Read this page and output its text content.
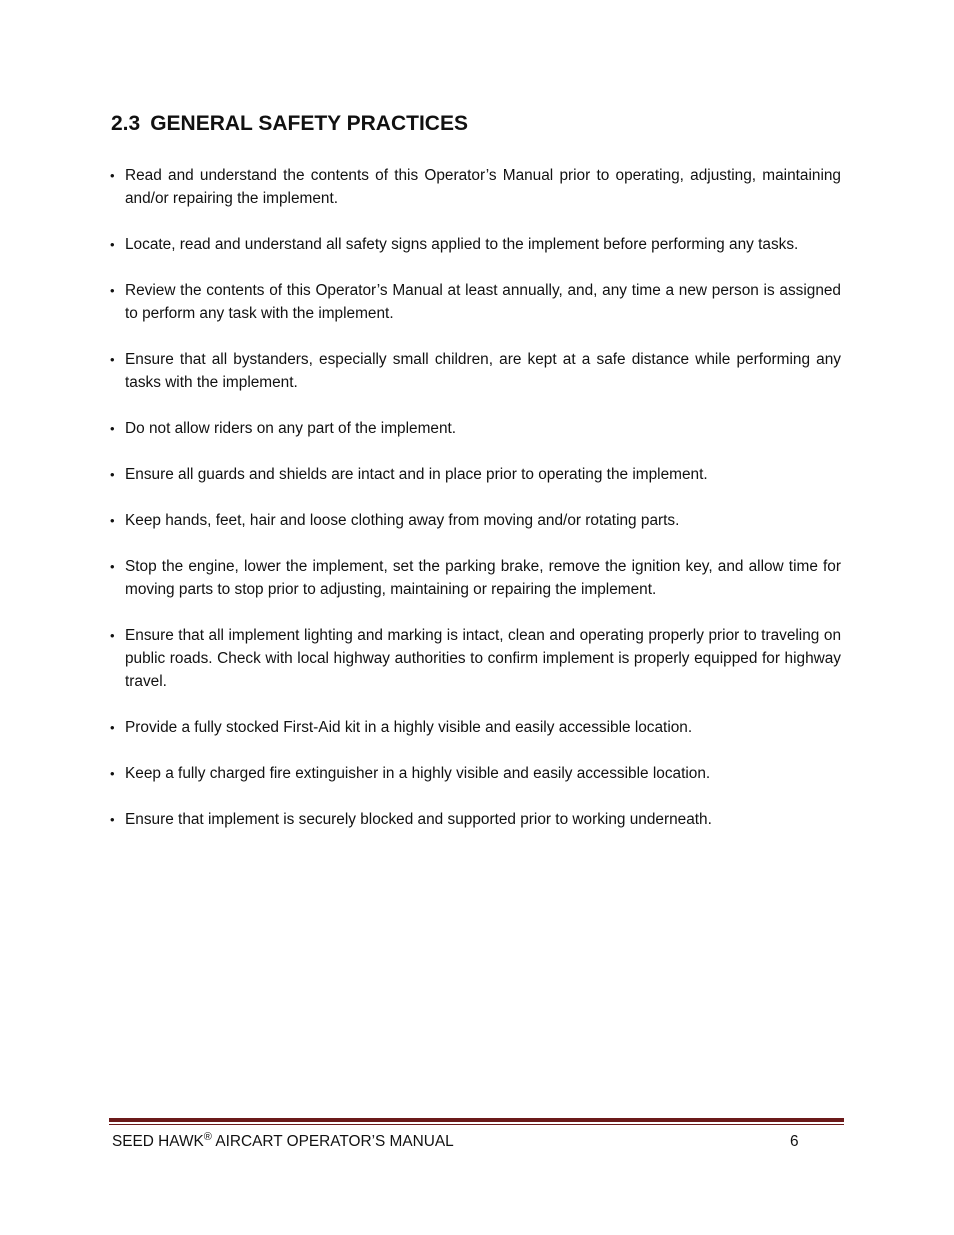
2.3 GENERAL SAFETY PRACTICES
• Read and understand the contents of this Operator’s Manual prior to operating, adjusting, maintaining and/or repairing the implement.
• Locate, read and understand all safety signs applied to the implement before performing any tasks.
• Review the contents of this Operator’s Manual at least annually, and, any time a new person is assigned to perform any task with the implement.
• Ensure that all bystanders, especially small children, are kept at a safe distance while performing any tasks with the implement.
• Do not allow riders on any part of the implement.
• Ensure all guards and shields are intact and in place prior to operating the implement.
• Keep hands, feet, hair and loose clothing away from moving and/or rotating parts.
• Stop the engine, lower the implement, set the parking brake, remove the ignition key, and allow time for moving parts to stop prior to adjusting, maintaining or repairing the implement.
• Ensure that all implement lighting and marking is intact, clean and operating properly prior to traveling on public roads. Check with local highway authorities to confirm implement is properly equipped for highway travel.
• Provide a fully stocked First-Aid kit in a highly visible and easily accessible location.
• Keep a fully charged fire extinguisher in a highly visible and easily accessible location.
• Ensure that implement is securely blocked and supported prior to working underneath.
SEED HAWK® AIRCART OPERATOR’S MANUAL	6
